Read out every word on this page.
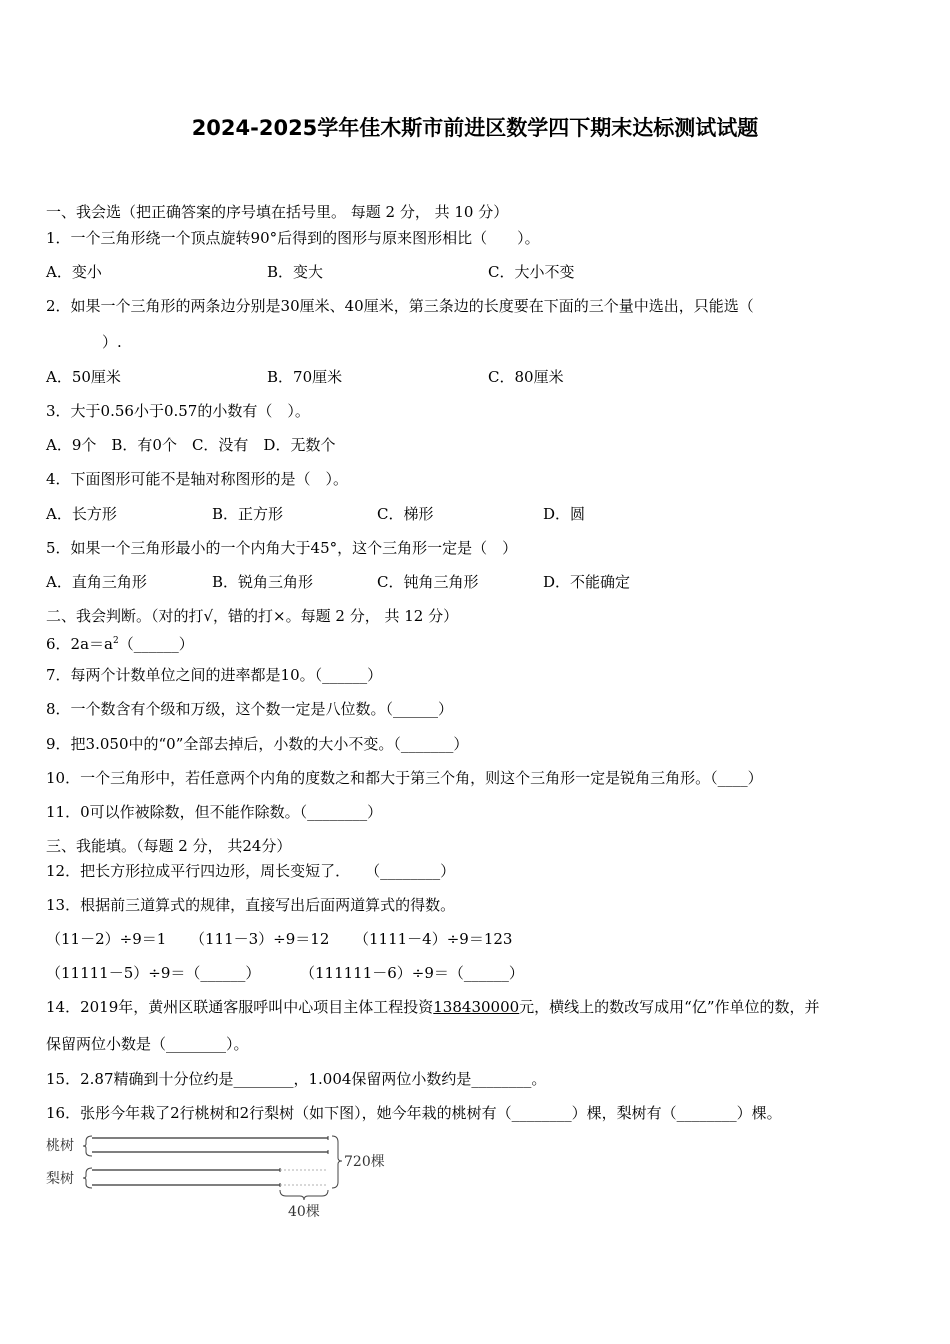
2024-2025学年佳木斯市前进区数学四下期末达标测试试题
一、我会选（把正确答案的序号填在括号里。 每题 2 分， 共 10 分）
1．一个三角形绕一个顶点旋转90°后得到的图形与原来图形相比（　　）。
A．变小	B．变大	C．大小不变
2．如果一个三角形的两条边分别是30厘米、40厘米，第三条边的长度要在下面的三个量中选出，只能选（
）.
A．50厘米	B．70厘米	C．80厘米
3．大于0.56小于0.57的小数有（　）。
A．9个　B．有0个　C．没有　D．无数个
4．下面图形可能不是轴对称图形的是（　）。
A．长方形	B．正方形	C．梯形	D．圆
5．如果一个三角形最小的一个内角大于45°，这个三角形一定是（　）
A．直角三角形	B．锐角三角形	C．钝角三角形	D．不能确定
二、我会判断。（对的打√，错的打×。每题 2 分， 共 12 分）
6．$2a=a^2(\_\_\_\_\_\_)$
7．每两个计数单位之间的进率都是10。（______）
8．一个数含有个级和万级，这个数一定是八位数。（______）
9．把3.050中的“0”全部去掉后，小数的大小不变。（_______）
10．一个三角形中，若任意两个内角的度数之和都大于第三个角，则这个三角形一定是锐角三角形。（____）
11．0可以作被除数，但不能作除数。（________）
三、我能填。（每题 2 分， 共24分）
12．把长方形拉成平行四边形，周长变短了．　　（________）
13．根据前三道算式的规律，直接写出后面两道算式的得数。
（11－2）÷9＝1 （111－3）÷9＝12 （1111－4）÷9＝123
（11111－5）÷9＝（______）	（111111－6）÷9＝（______）
14．2019年，黄州区联通客服呼叫中心项目主体工程投资138430000元，横线上的数改写成用“亿”作单位的数，并
保留两位小数是（________）。
15．2.87精确到十分位约是________，1.004保留两位小数约是________。
16．张彤今年栽了2行桃树和2行梨树（如下图），她今年栽的桃树有（________）棵，梨树有（________）棵。
桃树
梨树
720棵
40棵
